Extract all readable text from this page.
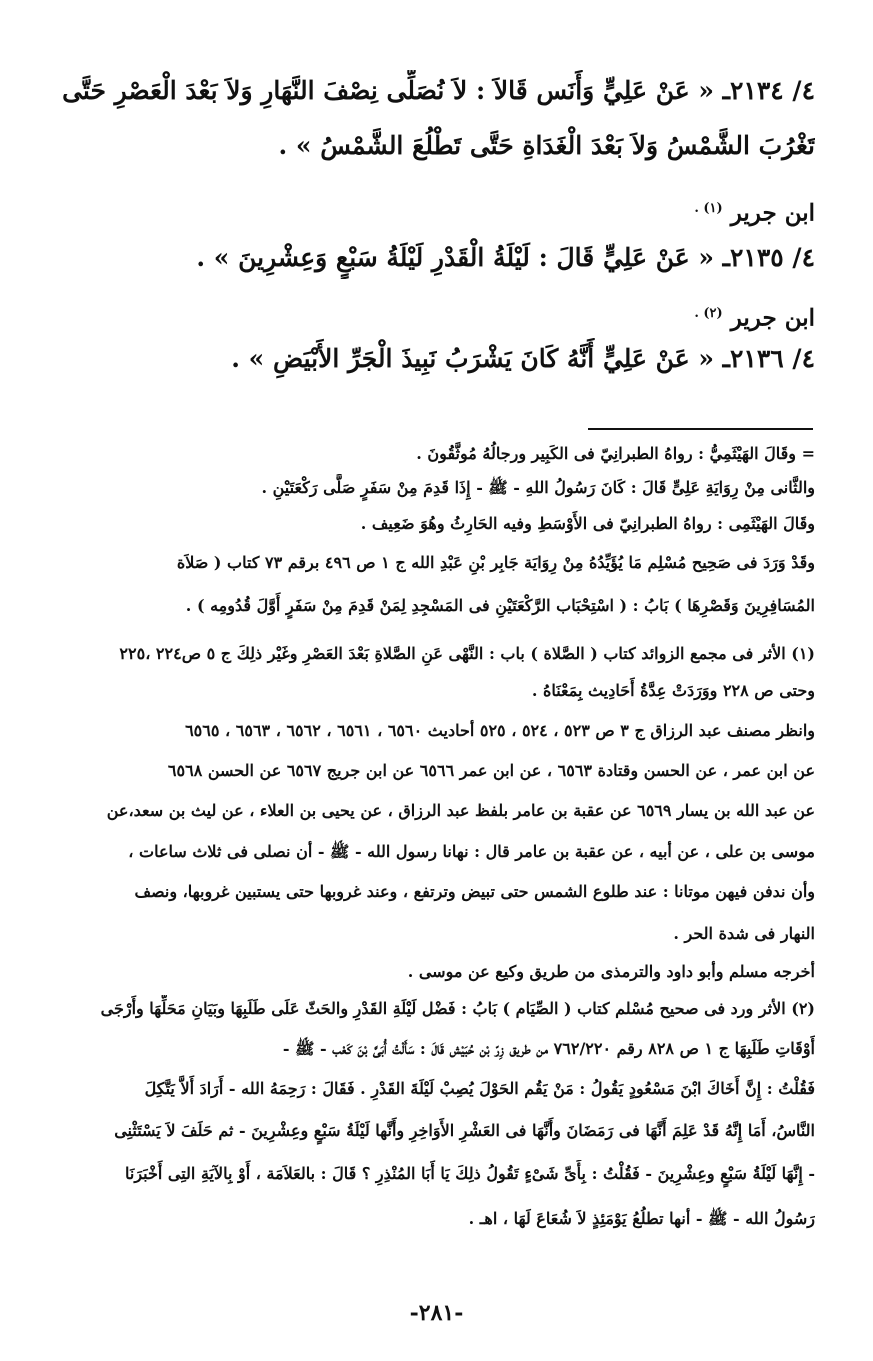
٤/ ٢١٣٤ـ « عَنْ عَلِيٍّ وَأَنَس قَالاَ : لاَ نُصَلِّى نِصْفَ النَّهَارِ وَلاَ بَعْدَ الْعَصْرِ حَتَّى
تَغْرُبَ الشَّمْسُ وَلاَ بَعْدَ الْغَدَاةِ حَتَّى تَطْلُعَ الشَّمْسُ » .
ابن جرير $^{(١) .}$
٤/ ٢١٣٥ـ « عَنْ عَلِيٍّ قَالَ : لَيْلَةُ الْقَدْرِ لَيْلَةُ سَبْعٍ وَعِشْرِينَ » .
ابن جرير $^{(٢) .}$
٤/ ٢١٣٦ـ « عَنْ عَلِيٍّ أَنَّهُ كَانَ يَشْرَبُ نَبِيذَ الْجَرِّ الأَبْيَضِ » .
= وقَالَ الهَيْثَمِيُّ : رواهُ الطبرانِيّ فى الكَبِير ورجالُهُ مُوثَّقُونَ .
والثَّانى مِنْ رِوَايَةِ عَلِىٍّ قَالَ : كَانَ رَسُولُ اللهِ - ﷺ - إِذَا قَدِمَ مِنْ سَفَرٍ صَلَّى رَكْعَتَيْنِ .
وقَالَ الهَيْثَمِى : رواهُ الطبرانِيّ فى الأَوْسَطِ وفيه الحَارِثُ وهُوَ ضَعِيف .
وقَدْ وَرَدَ فى صَحِيح مُسْلِم مَا يُؤَيِّدُهُ مِنْ رِوَايَة جَابِر بْنِ عَبْدِ الله ج ١ ص ٤٩٦ برقم ٧٣ كتاب ( صَلاَة
المُسَافِرِينَ وَقَصْرِهَا ) بَابُ : ( اسْتِحْبَاب الرَّكْعَتَيْنِ فى المَسْجِدِ لِمَنْ قَدِمَ مِنْ سَفَرٍ أَوَّلَ قُدُومِه ) .
(١) الأثر فى مجمع الزوائد كتاب ( الصَّلاة ) باب : النَّهْى عَنِ الصَّلاةِ بَعْدَ العَصْرِ وغَيْر ذلِكَ ج ٥ ص٢٢٤ ،٢٢٥
وحتى ص ٢٢٨ ووَرَدَتْ عِدَّةُ أَحَادِيث بِمَعْنَاهُ .
وانظر مصنف عبد الرزاق ج ٣ ص ٥٢٣ ، ٥٢٤ ، ٥٢٥ أحاديث ٦٥٦٠ ، ٦٥٦١ ، ٦٥٦٢ ، ٦٥٦٣ ، ٦٥٦٥
عن ابن عمر ، عن الحسن وقتادة ٦٥٦٣ ، عن ابن عمر ٦٥٦٦ عن ابن جريج ٦٥٦٧ عن الحسن ٦٥٦٨
عن عبد الله بن يسار ٦٥٦٩ عن عقبة بن عامر بلفظ عبد الرزاق ، عن يحيى بن العلاء ، عن ليث بن سعد،عن
موسى بن على ، عن أبيه ، عن عقبة بن عامر قال : نهانا رسول الله - ﷺ - أن نصلى فى ثلاث ساعات ،
وأن ندفن فيهن موتانا : عند طلوع الشمس حتى تبيض وترتفع ، وعند غروبها حتى يستبين غروبها، ونصف
النهار فى شدة الحر .
أخرجه مسلم وأبو داود والترمذى من طريق وكيع عن موسى .
(٢) الأثر ورد فى صحيح مُسْلم كتاب ( الصِّيَام ) بَابُ : فَضْل لَيْلَةِ القَدْرِ والحَثّ عَلَى طَلَبِهَا وبَيَانِ مَحَلِّهَا وأَرْجَى
أَوْقَاتِ طَلَبِهَا ج ١ ص ٨٢٨ رقم ٧٦٢/٢٢٠ من طريق زِرّ بْن حُبَيْش قَالَ : سَأَلْتُ أُبَىَّ بْنَ كَعْب - ﷺ -
فَقُلْتُ : إِنَّ أَخَاكَ ابْنَ مَسْعُودٍ يَقُولُ : مَنْ يَقُم الحَوْلَ يُصِبْ لَيْلَةَ القَدْرِ . فَقَالَ : رَحِمَهُ الله - أَرَادَ أَلاَّ يَتَّكِلَ
النَّاسُ، أَمَا إِنَّهُ قَدْ عَلِمَ أَنَّهَا فى رَمَضَانَ وأَنَّهَا فى العَشْرِ الأَوَاخِرِ وأَنَّها لَيْلَةُ سَبْعٍ وعِشْرِينَ - ثم حَلَفَ لاَ يَسْتَثْنِى
- إِنَّهَا لَيْلَةُ سَبْعٍ وعِشْرِينَ - فَقُلْتُ : بِأَىِّ شَىْءٍ تَقُولُ ذلِكَ يَا أَبَا المُنْذِرِ ؟ قَالَ : بالعَلاَمَة ، أَوْ بِالآيَةِ التِى أَخْبَرَنَا
رَسُولُ الله - ﷺ - أنها تطلُعُ يَوْمَئِذٍ لاَ شُعَاعَ لَهَا ، اهـ .
-٢٨١-
